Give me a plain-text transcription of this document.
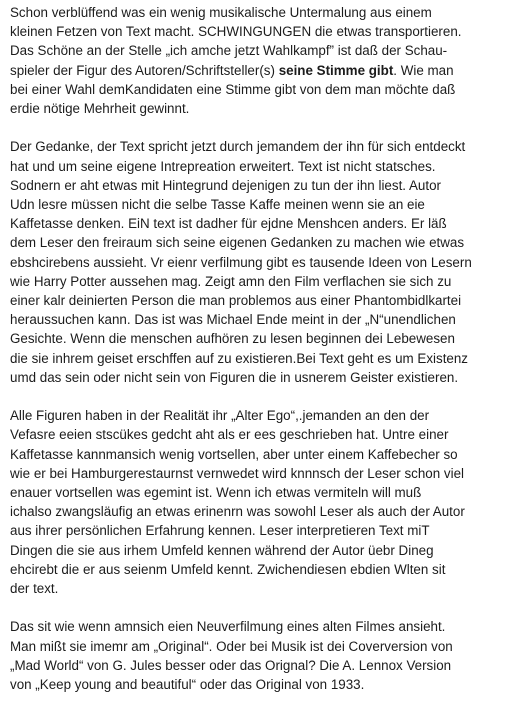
Schon verblüffend was ein wenig musikalische Untermalung aus einem
kleinen Fetzen von Text macht. SCHWINGUNGEN die etwas transportieren.
Das Schöne an der Stelle „ich amche jetzt Wahlkampf” ist daß der Schau-
spieler der Figur des Autoren/Schriftsteller(s) seine Stimme gibt. Wie man
bei einer Wahl demKandidaten eine Stimme gibt von dem man möchte daß
erdie nötige Mehrheit gewinnt.

Der Gedanke, der Text spricht jetzt durch jemandem der ihn für sich entdeckt
hat und um seine eigene Intrepreation erweitert. Text ist nicht statsches.
Sodnern er aht etwas mit Hintegrund dejenigen zu tun der ihn liest. Autor
Udn lesre müssen nicht die selbe Tasse Kaffe meinen wenn sie an eie
Kaffetasse denken. EiN text ist dadher für ejdne Menshcen anders. Er läß
dem Leser den freiraum sich seine eigenen Gedanken zu machen wie etwas
ebshcirebens aussieht. Vr eienr verfilmung gibt es tausende Ideen von Lesern
wie Harry Potter aussehen mag. Zeigt amn den Film verflachen sie sich zu
einer kalr deinierten Person die man problemos aus einer Phantombidlkartei
heraussuchen kann. Das ist was Michael Ende meint in der „N“unendlichen
Gesichte. Wenn die menschen aufhören zu lesen beginnen dei Lebewesen
die sie inhrem geiset erschffen auf zu existieren.Bei Text geht es um Existenz
umd das sein oder nicht sein von Figuren die in usnerem Geister existieren.

Alle Figuren haben in der Realität ihr „Alter Ego“,.jemanden an den der
Vefasre eeien stscükes gedcht aht als er ees geschrieben hat. Untre einer
Kaffetasse kannmansich wenig vortsellen, aber unter einem Kaffebecher so
wie er bei Hamburgerestaurnst vernwedet wird knnnsch der Leser schon viel
enauer vortsellen was egemint ist. Wenn ich etwas vermiteln will muß
ichalso zwangsläufig an etwas erinenrn was sowohl Leser als auch der Autor
aus ihrer persönlichen Erfahrung kennen. Leser interpretieren Text miT
Dingen die sie aus irhem Umfeld kennen während der Autor üebr Dineg
ehcirebt die er aus seienm Umfeld kennt. Zwichendiesen ebdien Wlten sit
der text.

Das sit wie wenn amnsich eien Neuverfilmung eines alten Filmes ansieht.
Man mißt sie imemr am „Original“. Oder bei Musik ist dei Coverversion von
„Mad World“ von G. Jules besser oder das Orignal? Die A. Lennox Version
von „Keep young and beautiful“ oder das Original von 1933.
